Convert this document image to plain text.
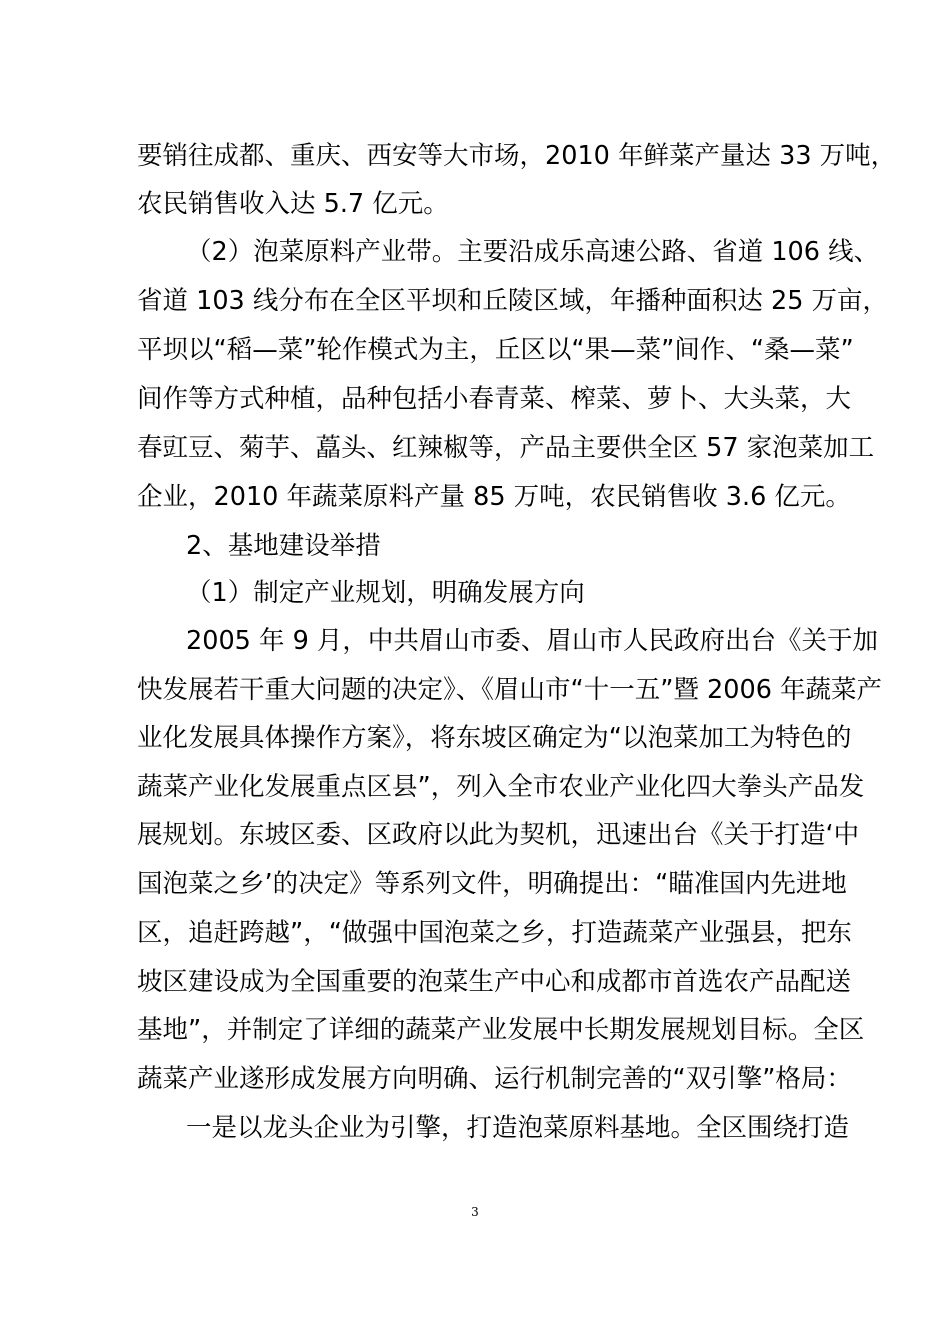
要销往成都、重庆、西安等大市场，2010 年鲜菜产量达 33 万吨，
农民销售收入达 5.7 亿元。
（2）泡菜原料产业带。主要沿成乐高速公路、省道 106 线、
省道 103 线分布在全区平坝和丘陵区域，年播种面积达 25 万亩，
平坝以“稻—菜”轮作模式为主，丘区以“果—菜”间作、“桑—菜”
间作等方式种植，品种包括小春青菜、榨菜、萝卜、大头菜，大
春豇豆、菊芋、藠头、红辣椒等，产品主要供全区 57 家泡菜加工
企业，2010 年蔬菜原料产量 85 万吨，农民销售收 3.6 亿元。
2、基地建设举措
（1）制定产业规划，明确发展方向
2005 年 9 月，中共眉山市委、眉山市人民政府出台《关于加
快发展若干重大问题的决定》、《眉山市“十一五”暨 2006 年蔬菜产
业化发展具体操作方案》，将东坡区确定为“以泡菜加工为特色的
蔬菜产业化发展重点区县”，列入全市农业产业化四大拳头产品发
展规划。东坡区委、区政府以此为契机，迅速出台《关于打造‘中
国泡菜之乡’的决定》等系列文件，明确提出：“瞄准国内先进地
区，追赶跨越”，“做强中国泡菜之乡，打造蔬菜产业强县，把东
坡区建设成为全国重要的泡菜生产中心和成都市首选农产品配送
基地”，并制定了详细的蔬菜产业发展中长期发展规划目标。全区
蔬菜产业遂形成发展方向明确、运行机制完善的“双引擎”格局：
一是以龙头企业为引擎，打造泡菜原料基地。全区围绕打造
3
